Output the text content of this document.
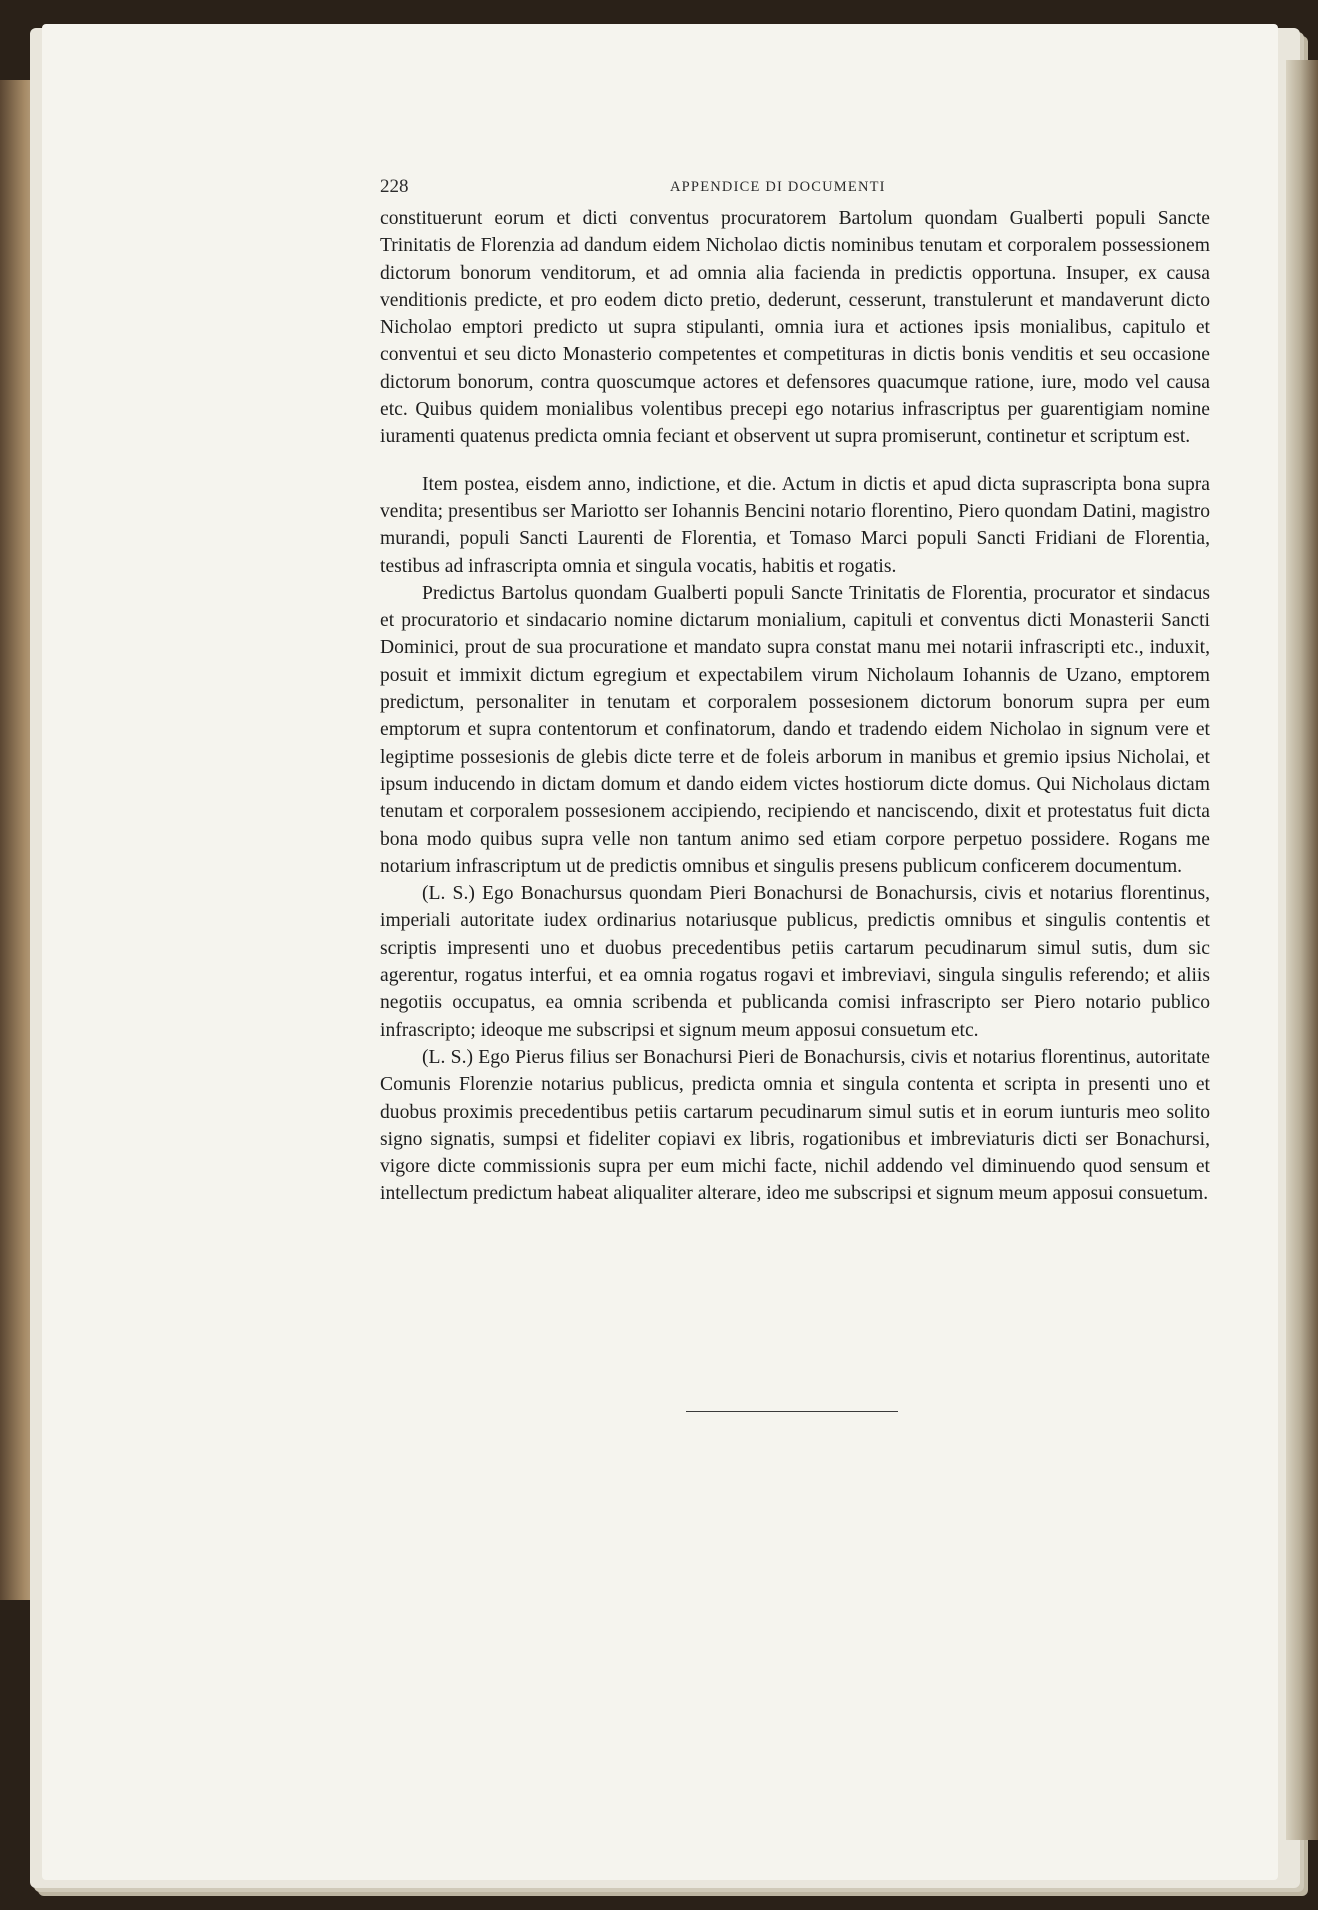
228	APPENDICE DI DOCUMENTI

constituerunt eorum et dicti conventus procuratorem Bartolum quondam Gualberti populi Sancte Trinitatis de Florenzia ad dandum eidem Nicholao dictis nominibus tenutam et corporalem possessionem dictorum bonorum venditorum, et ad omnia alia facienda in predictis opportuna. Insuper, ex causa venditionis predicte, et pro eodem dicto pretio, dederunt, cesserunt, transtulerunt et mandaverunt dicto Nicholao emptori predicto ut supra stipulanti, omnia iura et actiones ipsis monialibus, capitulo et conventui et seu dicto Monasterio competentes et competituras in dictis bonis venditis et seu occasione dictorum bonorum, contra quoscumque actores et defensores quacumque ratione, iure, modo vel causa etc. Quibus quidem monialibus volentibus precepi ego notarius infrascriptus per guarentigiam nomine iuramenti quatenus predicta omnia feciant et observent ut supra promiserunt, continetur et scriptum est.

Item postea, eisdem anno, indictione, et die. Actum in dictis et apud dicta suprascripta bona supra vendita; presentibus ser Mariotto ser Iohannis Bencini notario florentino, Piero quondam Datini, magistro murandi, populi Sancti Laurenti de Florentia, et Tomaso Marci populi Sancti Fridiani de Florentia, testibus ad infrascripta omnia et singula vocatis, habitis et rogatis.

Predictus Bartolus quondam Gualberti populi Sancte Trinitatis de Florentia, procurator et sindacus et procuratorio et sindacario nomine dictarum monialium, capituli et conventus dicti Monasterii Sancti Dominici, prout de sua procuratione et mandato supra constat manu mei notarii infrascripti etc., induxit, posuit et immixit dictum egregium et expectabilem virum Nicholaum Iohannis de Uzano, emptorem predictum, personaliter in tenutam et corporalem possesionem dictorum bonorum supra per eum emptorum et supra contentorum et confinatorum, dando et tradendo eidem Nicholao in signum vere et legiptime possesionis de glebis dicte terre et de foleis arborum in manibus et gremio ipsius Nicholai, et ipsum inducendo in dictam domum et dando eidem victes hostiorum dicte domus. Qui Nicholaus dictam tenutam et corporalem possesionem accipiendo, recipiendo et nanciscendo, dixit et protestatus fuit dicta bona modo quibus supra velle non tantum animo sed etiam corpore perpetuo possidere. Rogans me notarium infrascriptum ut de predictis omnibus et singulis presens publicum conficerem documentum.

(L. S.) Ego Bonachursus quondam Pieri Bonachursi de Bonachursis, civis et notarius florentinus, imperiali autoritate iudex ordinarius notariusque publicus, predictis omnibus et singulis contentis et scriptis impresenti uno et duobus precedentibus petiis cartarum pecudinarum simul sutis, dum sic agerentur, rogatus interfui, et ea omnia rogatus rogavi et imbreviavi, singula singulis referendo; et aliis negotiis occupatus, ea omnia scribenda et publicanda comisi infrascripto ser Piero notario publico infrascripto; ideoque me subscripsi et signum meum apposui consuetum etc.

(L. S.) Ego Pierus filius ser Bonachursi Pieri de Bonachursis, civis et notarius florentinus, autoritate Comunis Florenzie notarius publicus, predicta omnia et singula contenta et scripta in presenti uno et duobus proximis precedentibus petiis cartarum pecudinarum simul sutis et in eorum iunturis meo solito signo signatis, sumpsi et fideliter copiavi ex libris, rogationibus et imbreviaturis dicti ser Bonachursi, vigore dicte commissionis supra per eum michi facte, nichil addendo vel diminuendo quod sensum et intellectum predictum habeat aliqualiter alterare, ideo me subscripsi et signum meum apposui consuetum.
